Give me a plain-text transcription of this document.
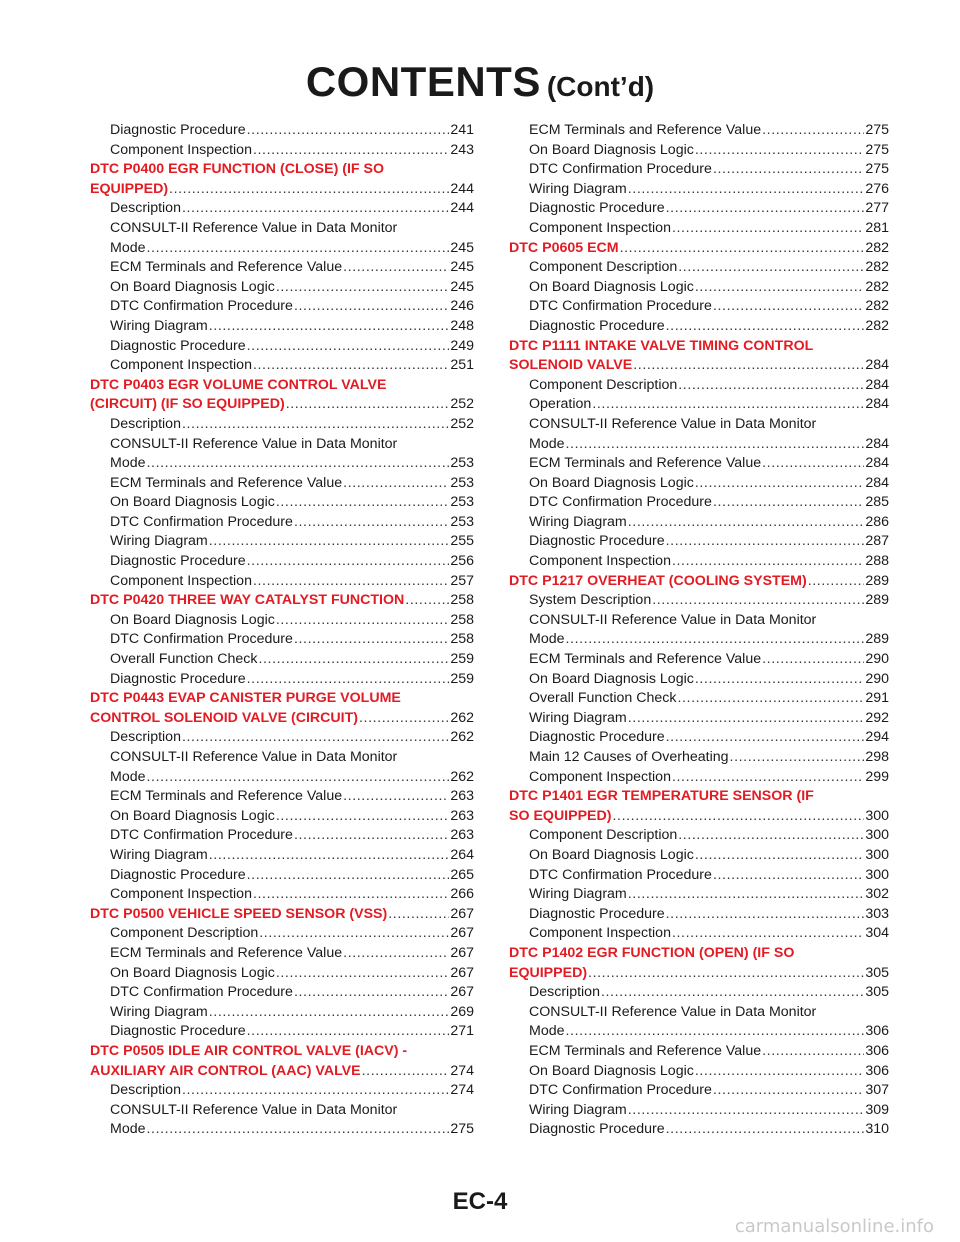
CONTENTS (Cont’d)
Diagnostic Procedure .....	241
Component Inspection .....	243
DTC P0400 EGR FUNCTION (CLOSE) (IF SO
EQUIPPED) .....	244
Description .....	244
CONSULT-II Reference Value in Data Monitor
Mode .....	245
ECM Terminals and Reference Value .....	245
On Board Diagnosis Logic .....	245
DTC Confirmation Procedure .....	246
Wiring Diagram .....	248
Diagnostic Procedure .....	249
Component Inspection .....	251
DTC P0403 EGR VOLUME CONTROL VALVE
(CIRCUIT) (IF SO EQUIPPED) .....	252
Description .....	252
CONSULT-II Reference Value in Data Monitor
Mode .....	253
ECM Terminals and Reference Value .....	253
On Board Diagnosis Logic .....	253
DTC Confirmation Procedure .....	253
Wiring Diagram .....	255
Diagnostic Procedure .....	256
Component Inspection .....	257
DTC P0420 THREE WAY CATALYST FUNCTION .....	258
On Board Diagnosis Logic .....	258
DTC Confirmation Procedure .....	258
Overall Function Check .....	259
Diagnostic Procedure .....	259
DTC P0443 EVAP CANISTER PURGE VOLUME
CONTROL SOLENOID VALVE (CIRCUIT) .....	262
Description .....	262
CONSULT-II Reference Value in Data Monitor
Mode .....	262
ECM Terminals and Reference Value .....	263
On Board Diagnosis Logic .....	263
DTC Confirmation Procedure .....	263
Wiring Diagram .....	264
Diagnostic Procedure .....	265
Component Inspection .....	266
DTC P0500 VEHICLE SPEED SENSOR (VSS) .....	267
Component Description .....	267
ECM Terminals and Reference Value .....	267
On Board Diagnosis Logic .....	267
DTC Confirmation Procedure .....	267
Wiring Diagram .....	269
Diagnostic Procedure .....	271
DTC P0505 IDLE AIR CONTROL VALVE (IACV) -
AUXILIARY AIR CONTROL (AAC) VALVE .....	274
Description .....	274
CONSULT-II Reference Value in Data Monitor
Mode .....	275
ECM Terminals and Reference Value .....	275
On Board Diagnosis Logic .....	275
DTC Confirmation Procedure .....	275
Wiring Diagram .....	276
Diagnostic Procedure .....	277
Component Inspection .....	281
DTC P0605 ECM .....	282
Component Description .....	282
On Board Diagnosis Logic .....	282
DTC Confirmation Procedure .....	282
Diagnostic Procedure .....	282
DTC P1111 INTAKE VALVE TIMING CONTROL
SOLENOID VALVE .....	284
Component Description .....	284
Operation .....	284
CONSULT-II Reference Value in Data Monitor
Mode .....	284
ECM Terminals and Reference Value .....	284
On Board Diagnosis Logic .....	284
DTC Confirmation Procedure .....	285
Wiring Diagram .....	286
Diagnostic Procedure .....	287
Component Inspection .....	288
DTC P1217 OVERHEAT (COOLING SYSTEM) .....	289
System Description .....	289
CONSULT-II Reference Value in Data Monitor
Mode .....	289
ECM Terminals and Reference Value .....	290
On Board Diagnosis Logic .....	290
Overall Function Check .....	291
Wiring Diagram .....	292
Diagnostic Procedure .....	294
Main 12 Causes of Overheating .....	298
Component Inspection .....	299
DTC P1401 EGR TEMPERATURE SENSOR (IF
SO EQUIPPED) .....	300
Component Description .....	300
On Board Diagnosis Logic .....	300
DTC Confirmation Procedure .....	300
Wiring Diagram .....	302
Diagnostic Procedure .....	303
Component Inspection .....	304
DTC P1402 EGR FUNCTION (OPEN) (IF SO
EQUIPPED) .....	305
Description .....	305
CONSULT-II Reference Value in Data Monitor
Mode .....	306
ECM Terminals and Reference Value .....	306
On Board Diagnosis Logic .....	306
DTC Confirmation Procedure .....	307
Wiring Diagram .....	309
Diagnostic Procedure .....	310
EC-4
carmanualsonline.info
